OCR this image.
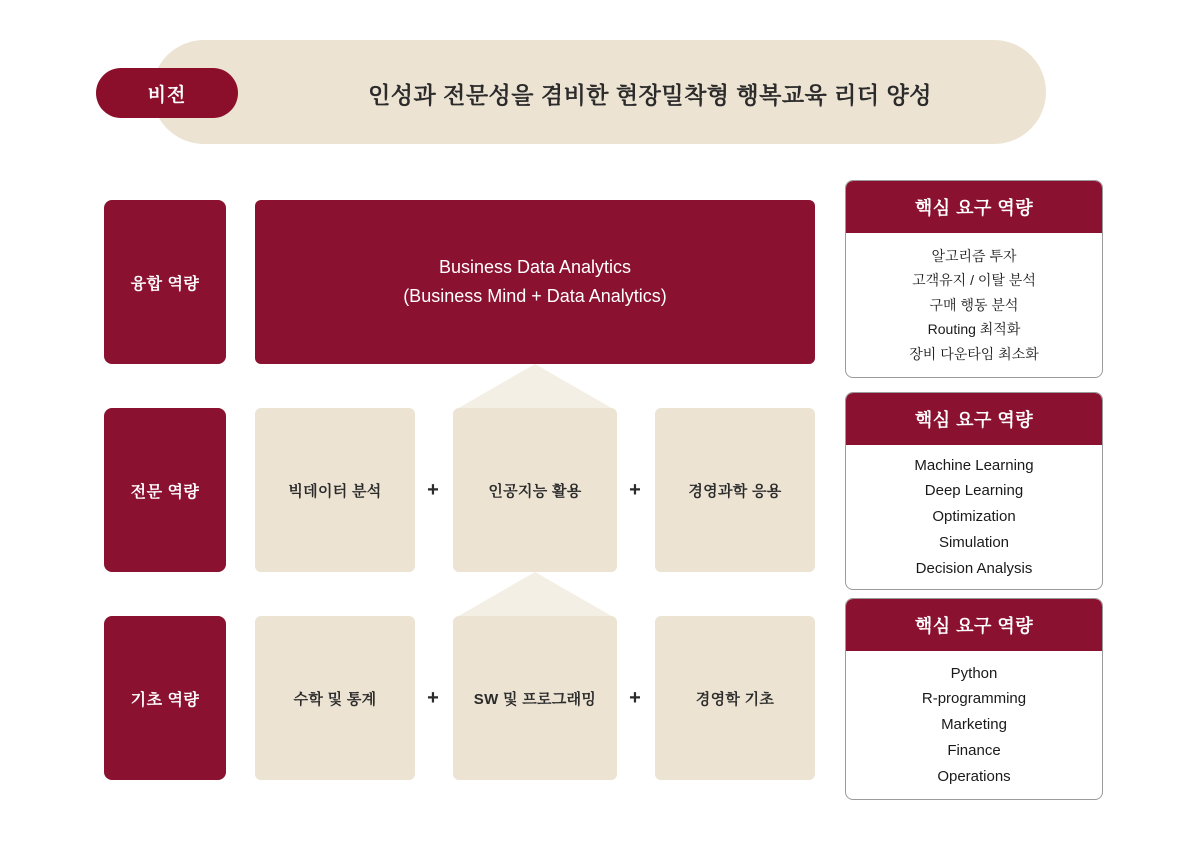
비전	인성과 전문성을 겸비한 현장밀착형 행복교육 리더 양성
융합 역량
전문 역량
기초 역량
Business Data Analytics
(Business Mind + Data Analytics)
빅데이터 분석	+	인공지능 활용	+	경영과학 응용
수학 및 통계	+	SW 및 프로그래밍	+	경영학 기초
핵심 요구 역량
알고리즘 투자
고객유지 / 이탈 분석
구매 행동 분석
Routing 최적화
장비 다운타임 최소화
핵심 요구 역량
Machine Learning
Deep Learning
Optimization
Simulation
Decision Analysis
핵심 요구 역량
Python
R-programming
Marketing
Finance
Operations
